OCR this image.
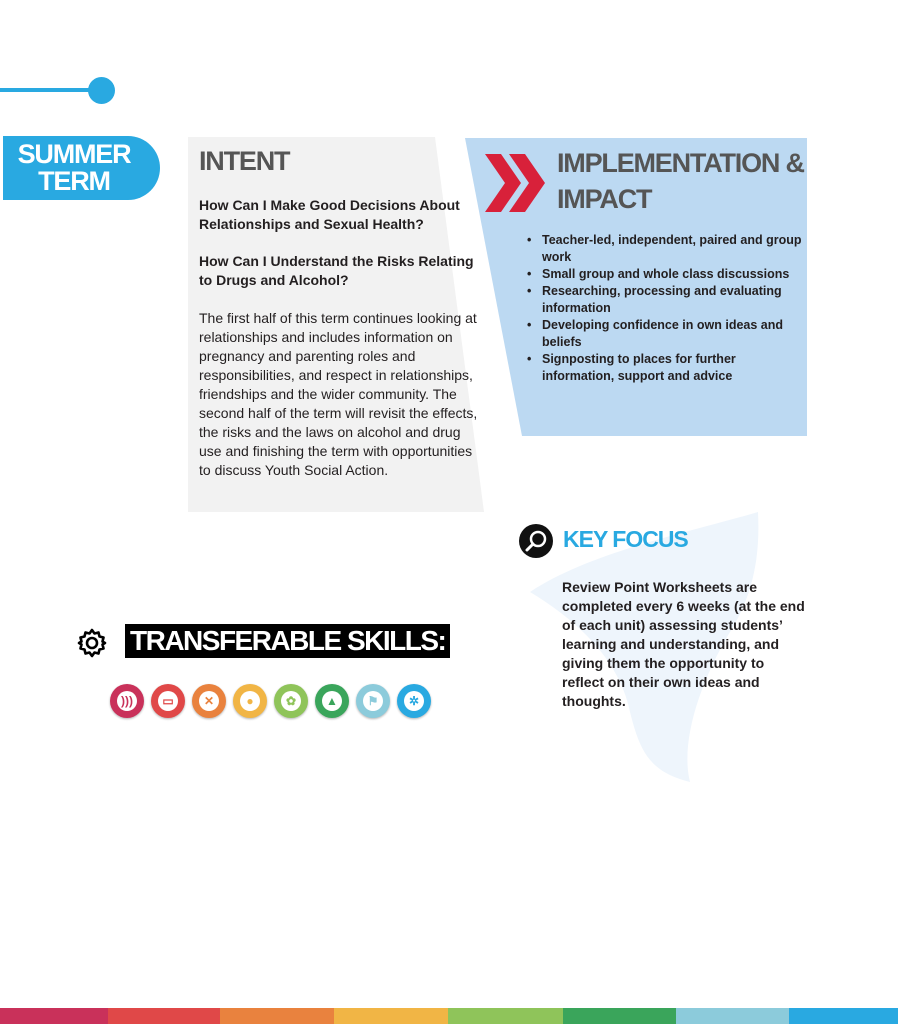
SUMMER
TERM
INTENT
How Can I Make Good Decisions About Relationships and Sexual Health?
How Can I Understand the Risks Relating to Drugs and Alcohol?
The first half of this term continues looking at relationships and includes information on pregnancy and parenting roles and responsibilities, and respect in relationships, friendships and the wider community. The second half of the term will revisit the effects, the risks and the laws on alcohol and drug use and finishing the term with opportunities to discuss Youth Social Action.
IMPLEMENTATION &
IMPACT
• Teacher-led, independent, paired and group work
• Small group and whole class discussions
• Researching, processing and evaluating information
• Developing confidence in own ideas and beliefs
• Signposting to places for further information, support and advice
KEY FOCUS
Review Point Worksheets are completed every 6 weeks (at the end of each unit) assessing students’ learning and understanding, and giving them the opportunity to reflect on their own ideas and thoughts.
TRANSFERABLE SKILLS:
)))	▭	✕	●	✿	▲	⚑	✲
